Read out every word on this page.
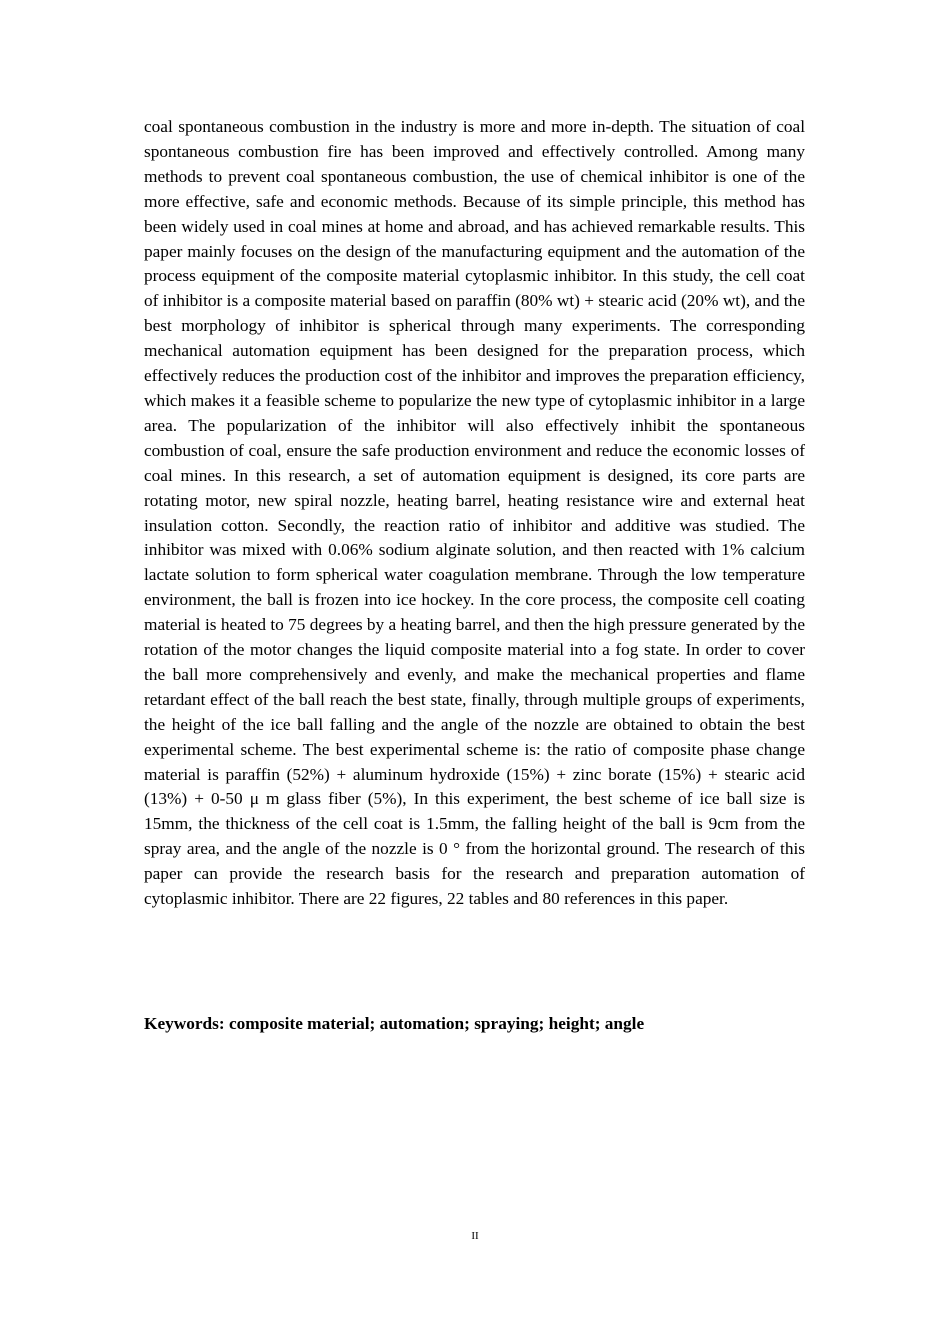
coal spontaneous combustion in the industry is more and more in-depth. The situation of coal spontaneous combustion fire has been improved and effectively controlled. Among many methods to prevent coal spontaneous combustion, the use of chemical inhibitor is one of the more effective, safe and economic methods. Because of its simple principle, this method has been widely used in coal mines at home and abroad, and has achieved remarkable results. This paper mainly focuses on the design of the manufacturing equipment and the automation of the process equipment of the composite material cytoplasmic inhibitor. In this study, the cell coat of inhibitor is a composite material based on paraffin (80% wt) + stearic acid (20% wt), and the best morphology of inhibitor is spherical through many experiments. The corresponding mechanical automation equipment has been designed for the preparation process, which effectively reduces the production cost of the inhibitor and improves the preparation efficiency, which makes it a feasible scheme to popularize the new type of cytoplasmic inhibitor in a large area. The popularization of the inhibitor will also effectively inhibit the spontaneous combustion of coal, ensure the safe production environment and reduce the economic losses of coal mines. In this research, a set of automation equipment is designed, its core parts are rotating motor, new spiral nozzle, heating barrel, heating resistance wire and external heat insulation cotton. Secondly, the reaction ratio of inhibitor and additive was studied. The inhibitor was mixed with 0.06% sodium alginate solution, and then reacted with 1% calcium lactate solution to form spherical water coagulation membrane. Through the low temperature environment, the ball is frozen into ice hockey. In the core process, the composite cell coating material is heated to 75 degrees by a heating barrel, and then the high pressure generated by the rotation of the motor changes the liquid composite material into a fog state. In order to cover the ball more comprehensively and evenly, and make the mechanical properties and flame retardant effect of the ball reach the best state, finally, through multiple groups of experiments, the height of the ice ball falling and the angle of the nozzle are obtained to obtain the best experimental scheme. The best experimental scheme is: the ratio of composite phase change material is paraffin (52%) + aluminum hydroxide (15%) + zinc borate (15%) + stearic acid (13%) + 0-50 μ m glass fiber (5%), In this experiment, the best scheme of ice ball size is 15mm, the thickness of the cell coat is 1.5mm, the falling height of the ball is 9cm from the spray area, and the angle of the nozzle is 0 ° from the horizontal ground. The research of this paper can provide the research basis for the research and preparation automation of cytoplasmic inhibitor. There are 22 figures, 22 tables and 80 references in this paper.

Keywords: composite material; automation; spraying; height; angle

II
